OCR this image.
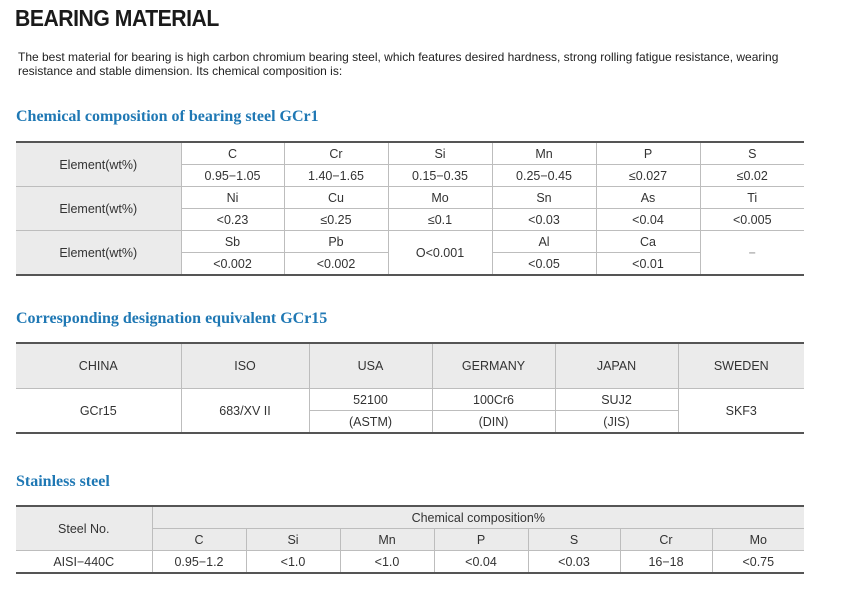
BEARING MATERIAL
The best material for bearing is high carbon chromium bearing steel, which features desired hardness, strong rolling fatigue resistance, wearing resistance and stable dimension. Its chemical composition is:
Chemical composition of bearing steel GCr1
Element(wt%)	C	Cr	Si	Mn	P	S
	0.95−1.05	1.40−1.65	0.15−0.35	0.25−0.45	≤0.027	≤0.02
Element(wt%)	Ni	Cu	Mo	Sn	As	Ti
	<0.23	≤0.25	≤0.1	<0.03	<0.04	<0.005
Element(wt%)	Sb	Pb	O<0.001	Al	Ca	−
	<0.002	<0.002		<0.05	<0.01	
Corresponding designation equivalent GCr15
CHINA	ISO	USA	GERMANY	JAPAN	SWEDEN
GCr15	683/XV II	52100	100Cr6	SUJ2	SKF3
		(ASTM)	(DIN)	(JIS)	
Stainless steel
Steel No.	Chemical composition%						
	C	Si	Mn	P	S	Cr	Mo
AISI−440C	0.95−1.2	<1.0	<1.0	<0.04	<0.03	16−18	<0.75
